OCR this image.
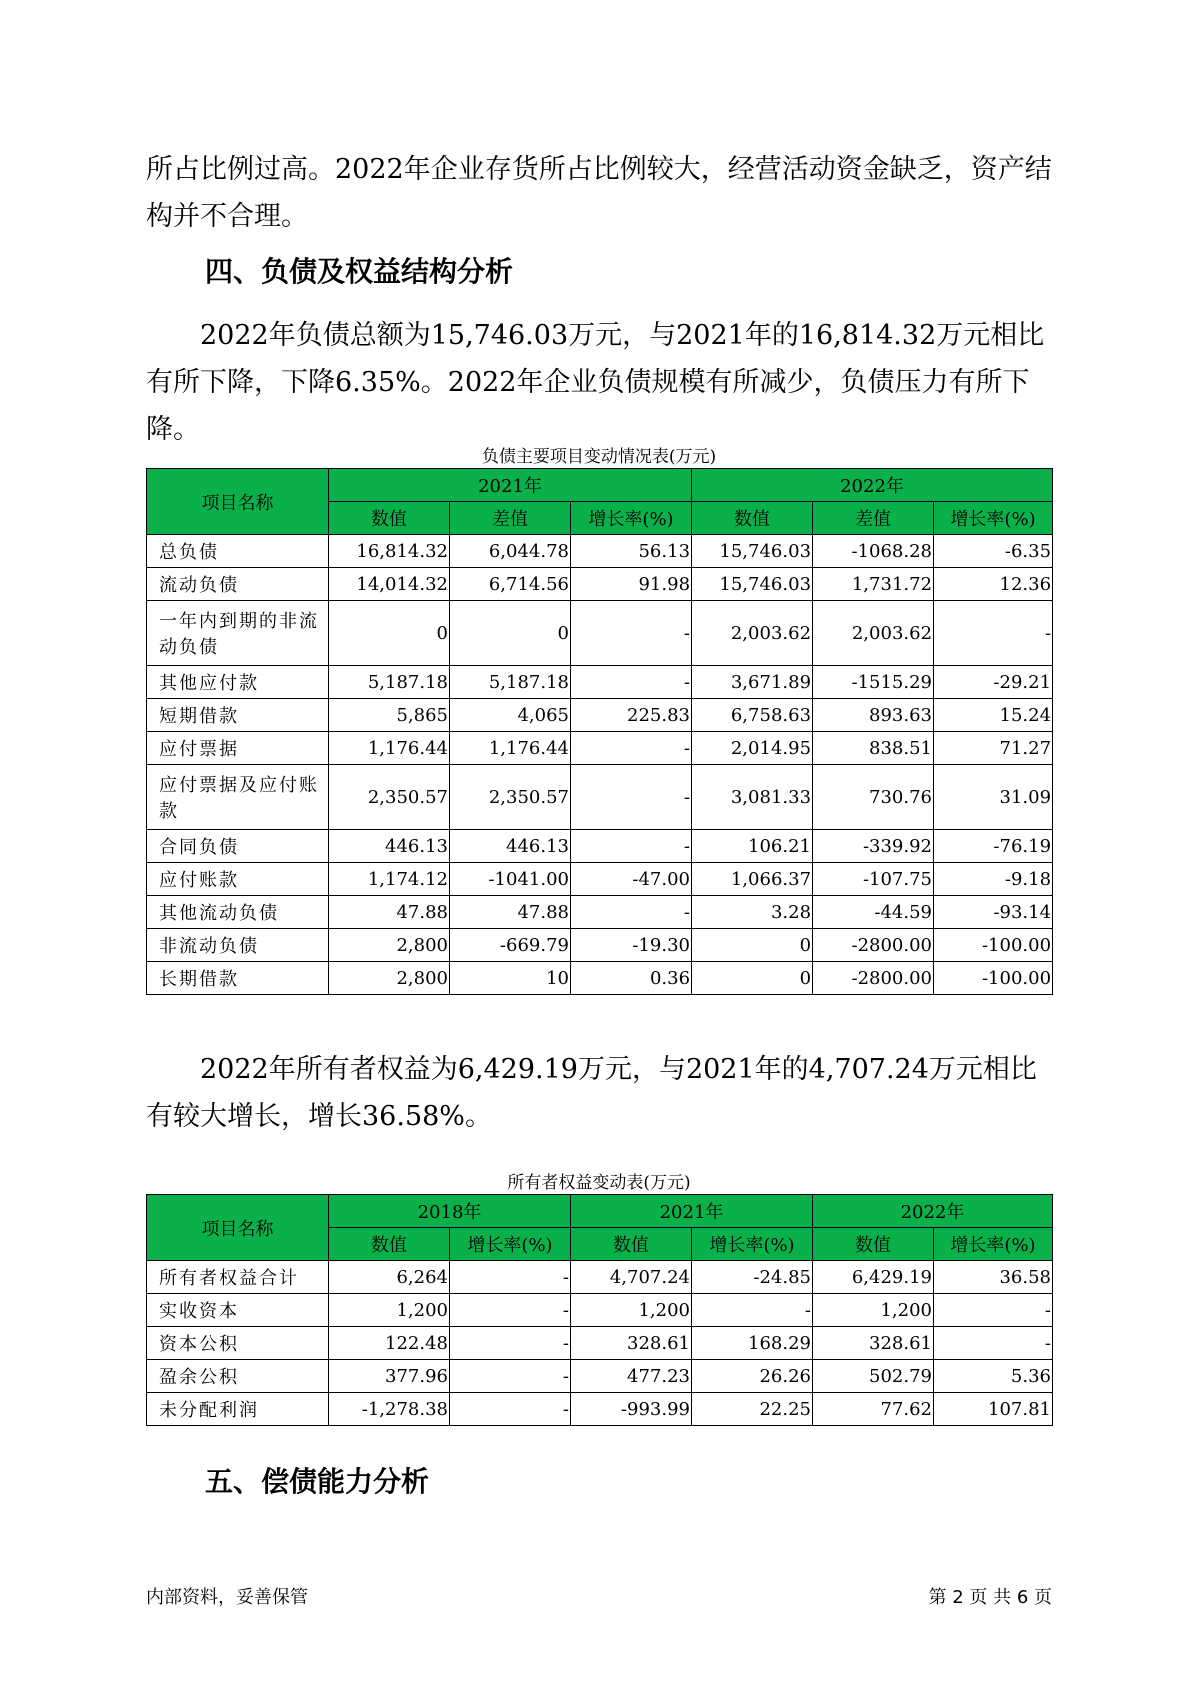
所占比例过高。2022年企业存货所占比例较大，经营活动资金缺乏，资产结构并不合理。

四、负债及权益结构分析

2022年负债总额为15,746.03万元，与2021年的16,814.32万元相比有所下降，下降6.35%。2022年企业负债规模有所减少，负债压力有所下降。

负债主要项目变动情况表(万元)
项目名称	2021年			2022年		
	数值	差值	增长率(%)	数值	差值	增长率(%)
总负债	16,814.32	6,044.78	56.13	15,746.03	-1068.28	-6.35
流动负债	14,014.32	6,714.56	91.98	15,746.03	1,731.72	12.36
一年内到期的非流动负债	0	0	-	2,003.62	2,003.62	-
其他应付款	5,187.18	5,187.18	-	3,671.89	-1515.29	-29.21
短期借款	5,865	4,065	225.83	6,758.63	893.63	15.24
应付票据	1,176.44	1,176.44	-	2,014.95	838.51	71.27
应付票据及应付账款	2,350.57	2,350.57	-	3,081.33	730.76	31.09
合同负债	446.13	446.13	-	106.21	-339.92	-76.19
应付账款	1,174.12	-1041.00	-47.00	1,066.37	-107.75	-9.18
其他流动负债	47.88	47.88	-	3.28	-44.59	-93.14
非流动负债	2,800	-669.79	-19.30	0	-2800.00	-100.00
长期借款	2,800	10	0.36	0	-2800.00	-100.00

2022年所有者权益为6,429.19万元，与2021年的4,707.24万元相比有较大增长，增长36.58%。

所有者权益变动表(万元)
项目名称	2018年		2021年		2022年	
	数值	增长率(%)	数值	增长率(%)	数值	增长率(%)
所有者权益合计	6,264	-	4,707.24	-24.85	6,429.19	36.58
实收资本	1,200	-	1,200	-	1,200	-
资本公积	122.48	-	328.61	168.29	328.61	-
盈余公积	377.96	-	477.23	26.26	502.79	5.36
未分配利润	-1,278.38	-	-993.99	22.25	77.62	107.81
五、偿债能力分析
内部资料，妥善保管	第 2 页 共 6 页
